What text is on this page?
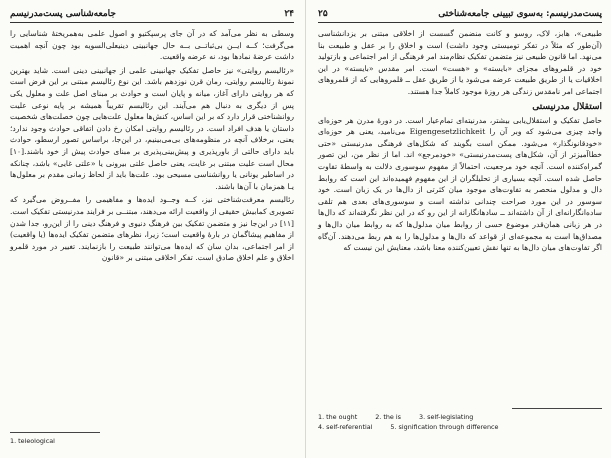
۲۴
جامعه‌شناسی پست‌مدرنیسم

وسطی به نظر می‌آمد که در آن جای پرسپکتیو و اصول علمی به‌همریختهٔ شناسایی را می‌گرفت؛ کــه ایــن بی‌ثباتــی بــه حال جهانبینی دینیعلی‌السویه بود چون آنچه اهمیت داشت عرضهٔ نمادها بود، نه عرضه واقعیت.

«رئالیسم روایتی» نیز حاصل تفکیک جهانبینی علمی از جهانبینی دینی است. شاید بهترین نمونهٔ رئالیسم روایتی، رمان قرن نوزدهم باشد. این نوع رئالیسم مبتنی بر این فرض است که هر روایتی دارای آغاز، میانه و پایان است و حوادث بر مبنای اصل علت و معلول یکی پس از دیگری به دنبال هم می‌آیند. این رئالیسم تقریباً همیشه بر پایه نوعی علیت روانشناختی قرار دارد که بر این اساس، کنش‌ها معلول علت‌هایی چون خصلت‌های شخصیت داستان یا هدف افراد است. در رئالیسم روایتی امکان رخ دادن اتفاقی حوادث وجود ندارد؛ یعنی، برخلاف آنچه در منظومه‌های بی‌می‌بینیم، در این‌جا، براساس تصور ارسطو، حوادث باید دارای حالتی از باورپذیری و پیش‌بینی‌پذیری بر مبنای حوادث پیش از خود باشند.[۱۰] محال است علیت مبتنی بر غایت، یعنی حاصل علتی بیرونی یا «علتی غایی» باشد، چنانکه در اساطیر یونانی یا روانشناسی مسیحی بود. علت‌ها باید از لحاظ زمانی مقدم بر معلول‌ها یـا همزمان با آن‌ها باشند.

رئالیسم معرفت‌شناختی نیز، کــه وجــود ایده‌ها و مفاهیمی را مفــروض می‌گیرد که تصویری کمابیش حقیقی از واقعیت ارائه می‌دهند، مبتنــی بر فرایند مدرنیستی تفکیک است.[۱۱] در این‌جا نیز و متضمن تفکیک بین فرهنگ دنیوی و فرهنگ دینی را از این‌رو، جدا شدن از مفاهیم پیشاگمان در بارهٔ واقعیت است؛ زیرا، نظرهای متضمن تفکیک ایده‌ها (یا واقعیت) از امر اجتماعی، بدان سان که ایده‌ها می‌توانند طبیعت را بازنمایند. تغییر در مورد قلمرو اخلاق و علم اخلاق صادق است. تفکر اخلاقی مبتنی بر «قانون

1. teleological
پست‌مدرنیسم: به‌سوی تبیینی جامعه‌شناختی
۲۵

طبیعی»، هابز، لاک، روسو و کانت منضمن گسست از اخلاقی مبتنی بر یزدانشناسی (آن‌طور که مثلاً در تفکر تومیستی وجود داشت) است و اخلاق را بر عقل و طبیعت بنا می‌نهد. اما قانون طبیعی نیز متضمن تفکیک نظام‌مند امر فرهنگی از امر اجتماعی و بازتولید خود در قلمروهای مجزای «بایسته» و «هست» است. امر مقدس «بایسته» در این اخلاقیات یا از طریق طبیعت عرضه می‌شود یا از طریق عقل ــ قلمروهایی که از قلمروهای اجتماعی امر نامقدس زندگی هر روزهٔ موجود کاملاً جدا هستند.

استقلال مدرنیستی

حاصل تفکیک و استقلال‌یابی بیشتر، مدرنیته‌ای تمام‌عیار است. در دورهٔ مدرن هر حوزه‌ای واجد چیزی می‌شود که وبر آن را Eigengesetzlichkeit می‌نامید، یعنی هر حوزه‌ای «خودقانونگذار» می‌شود. ممکن است بگویند که شکل‌های فرهنگی مدرنیستی «حتی خطاآمیزتر از آن، شکل‌های پست‌مدرنیستی» «خودمرجع» اند. اما از نظر من، این تصور گمراه‌کننده است. آنچه خود مرجعیت، احتمالاً از مفهوم سوسوری دلالت به واسطهٔ تفاوت حاصل شده است. آنچه بسیاری از تحلیلگران از این مفهوم فهمیده‌اند این است که روابط دال و مدلول منحصر به تفاوت‌های موجود میان کثرتی از دال‌ها در یک زبان است. خود سوسور در این مورد صراحت چندانی نداشته است و سوسوری‌های بعدی هم تلقی ساده‌انگارانه‌ای از آن داشته‌اند ــ سادهانگارانه از این رو که در این نظر نگرفته‌اند که دال‌ها در هر زبانی همان‌قدر موضوع حسی از روابط میان مدلول‌ها که به روابط میان دال‌ها و مصداق‌ها است به مجموعه‌ای از قواعد که دال‌ها و مدلول‌ها را به هم ربط می‌دهند. آن‌گاه اگر تفاوت‌های میان دال‌ها به تنها نقش تعیین‌کننده معنا باشد، معنایش این نیست که

1. the ought	2. the is	3. self-legislating
4. self-referential	5. signification through difference
